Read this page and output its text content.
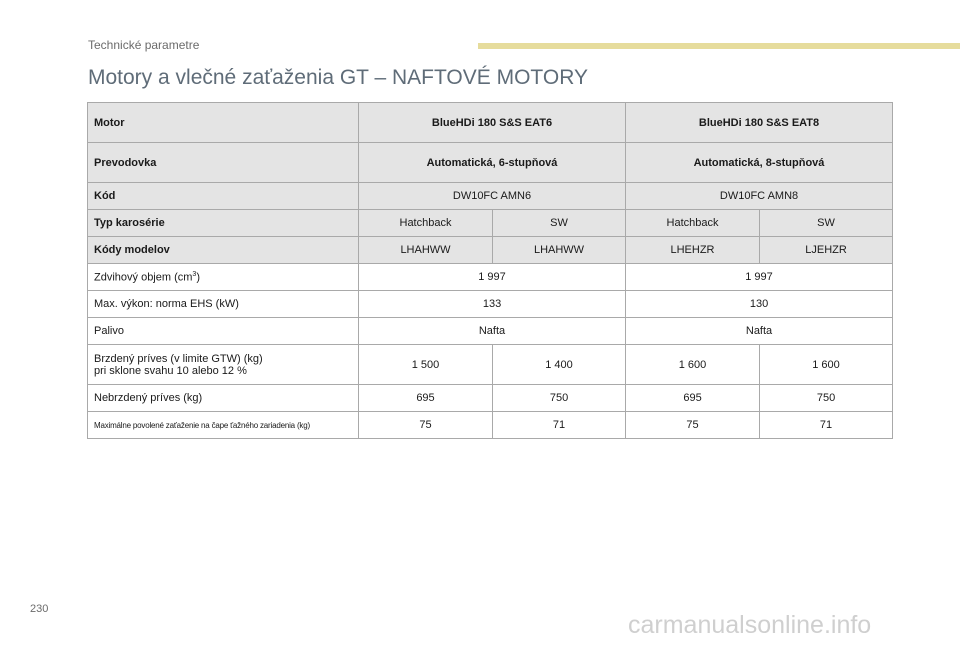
Technické parametre
Motory a vlečné zaťaženia GT – NAFTOVÉ MOTORY
Motor	BlueHDi 180 S&S EAT6		BlueHDi 180 S&S EAT8	
Prevodovka	Automatická, 6-stupňová		Automatická, 8-stupňová	
Kód	DW10FC AMN6		DW10FC AMN8	
Typ karosérie	Hatchback	SW	Hatchback	SW
Kódy modelov	LHAHWW	LHAHWW	LHEHZR	LJEHZR
Zdvihový objem $(cm^3)$	1 997		1 997	
Max. výkon: norma EHS (kW)	133		130	
Palivo	Nafta		Nafta	

Brzdený príves (v limite GTW) (kg)
pri sklone svahu 10 alebo 12 %	1 500	1 400	1 600	1 600
Nebrzdený príves (kg)	695	750	695	750
Maximálne povolené zaťaženie na čape ťažného zariadenia (kg)	75	71	75	71
230
carmanualsonline.info
